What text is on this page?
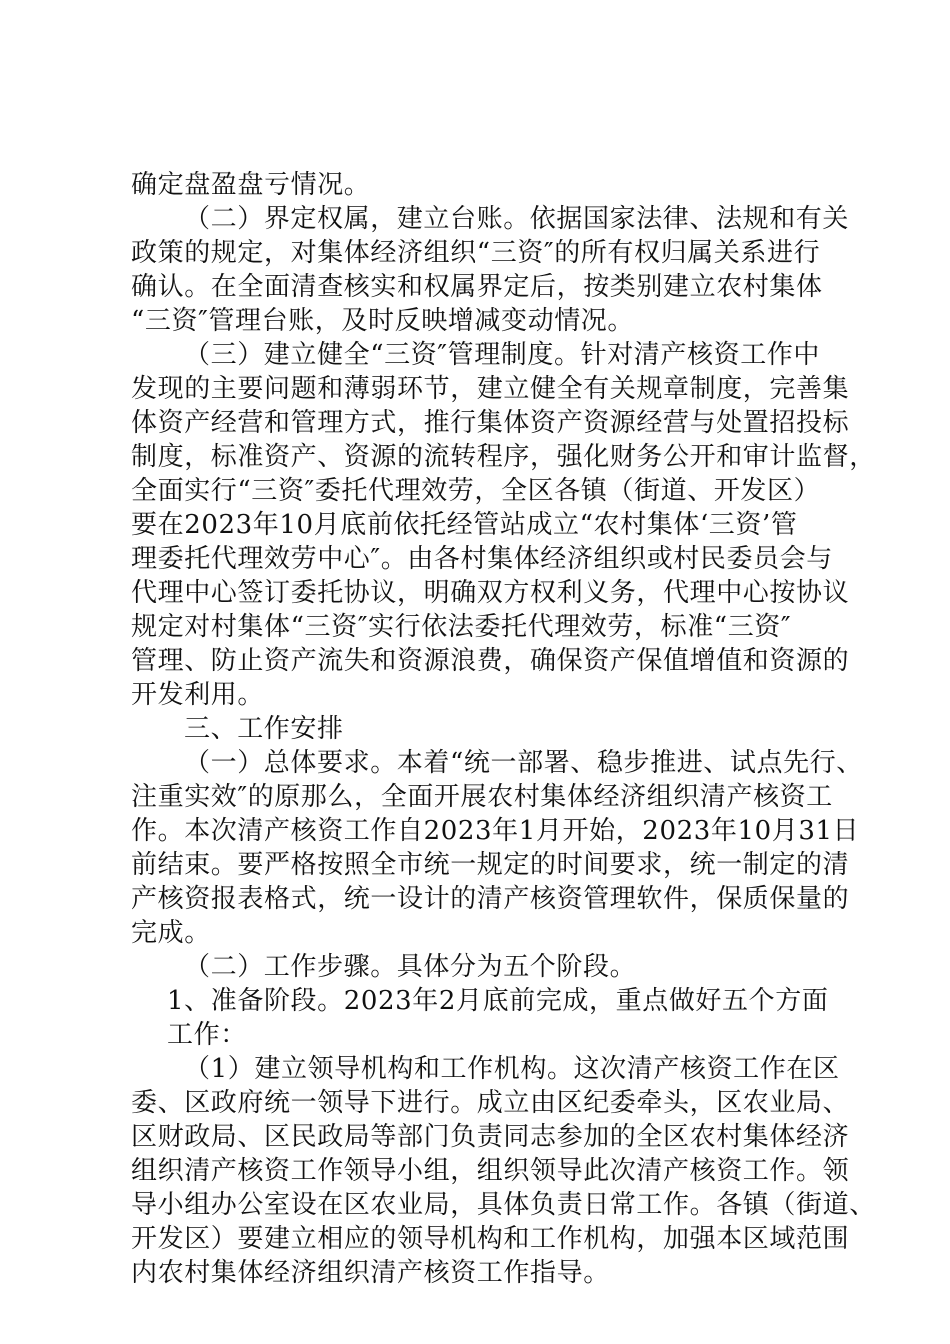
确定盘盈盘亏情况。
（二）界定权属，建立台账。依据国家法律、法规和有关
政策的规定，对集体经济组织“三资″的所有权归属关系进行
确认。在全面清查核实和权属界定后，按类别建立农村集体
“三资″管理台账，及时反映增减变动情况。
（三）建立健全“三资″管理制度。针对清产核资工作中
发现的主要问题和薄弱环节，建立健全有关规章制度，完善集
体资产经营和管理方式，推行集体资产资源经营与处置招投标
制度，标准资产、资源的流转程序，强化财务公开和审计监督，
全面实行“三资″委托代理效劳，全区各镇（街道、开发区）
要在2023年10月底前依托经管站成立“农村集体‘三资’管
理委托代理效劳中心″。由各村集体经济组织或村民委员会与
代理中心签订委托协议，明确双方权利义务，代理中心按协议
规定对村集体“三资″实行依法委托代理效劳，标准“三资″
管理、防止资产流失和资源浪费，确保资产保值增值和资源的
开发利用。
三、工作安排
（一）总体要求。本着“统一部署、稳步推进、试点先行、
注重实效″的原那么，全面开展农村集体经济组织清产核资工
作。本次清产核资工作自2023年1月开始，2023年10月31日
前结束。要严格按照全市统一规定的时间要求，统一制定的清
产核资报表格式，统一设计的清产核资管理软件，保质保量的
完成。
（二）工作步骤。具体分为五个阶段。
1、准备阶段。2023年2月底前完成，重点做好五个方面
工作：
（1）建立领导机构和工作机构。这次清产核资工作在区
委、区政府统一领导下进行。成立由区纪委牵头，区农业局、
区财政局、区民政局等部门负责同志参加的全区农村集体经济
组织清产核资工作领导小组，组织领导此次清产核资工作。领
导小组办公室设在区农业局，具体负责日常工作。各镇（街道、
开发区）要建立相应的领导机构和工作机构，加强本区域范围
内农村集体经济组织清产核资工作指导。
